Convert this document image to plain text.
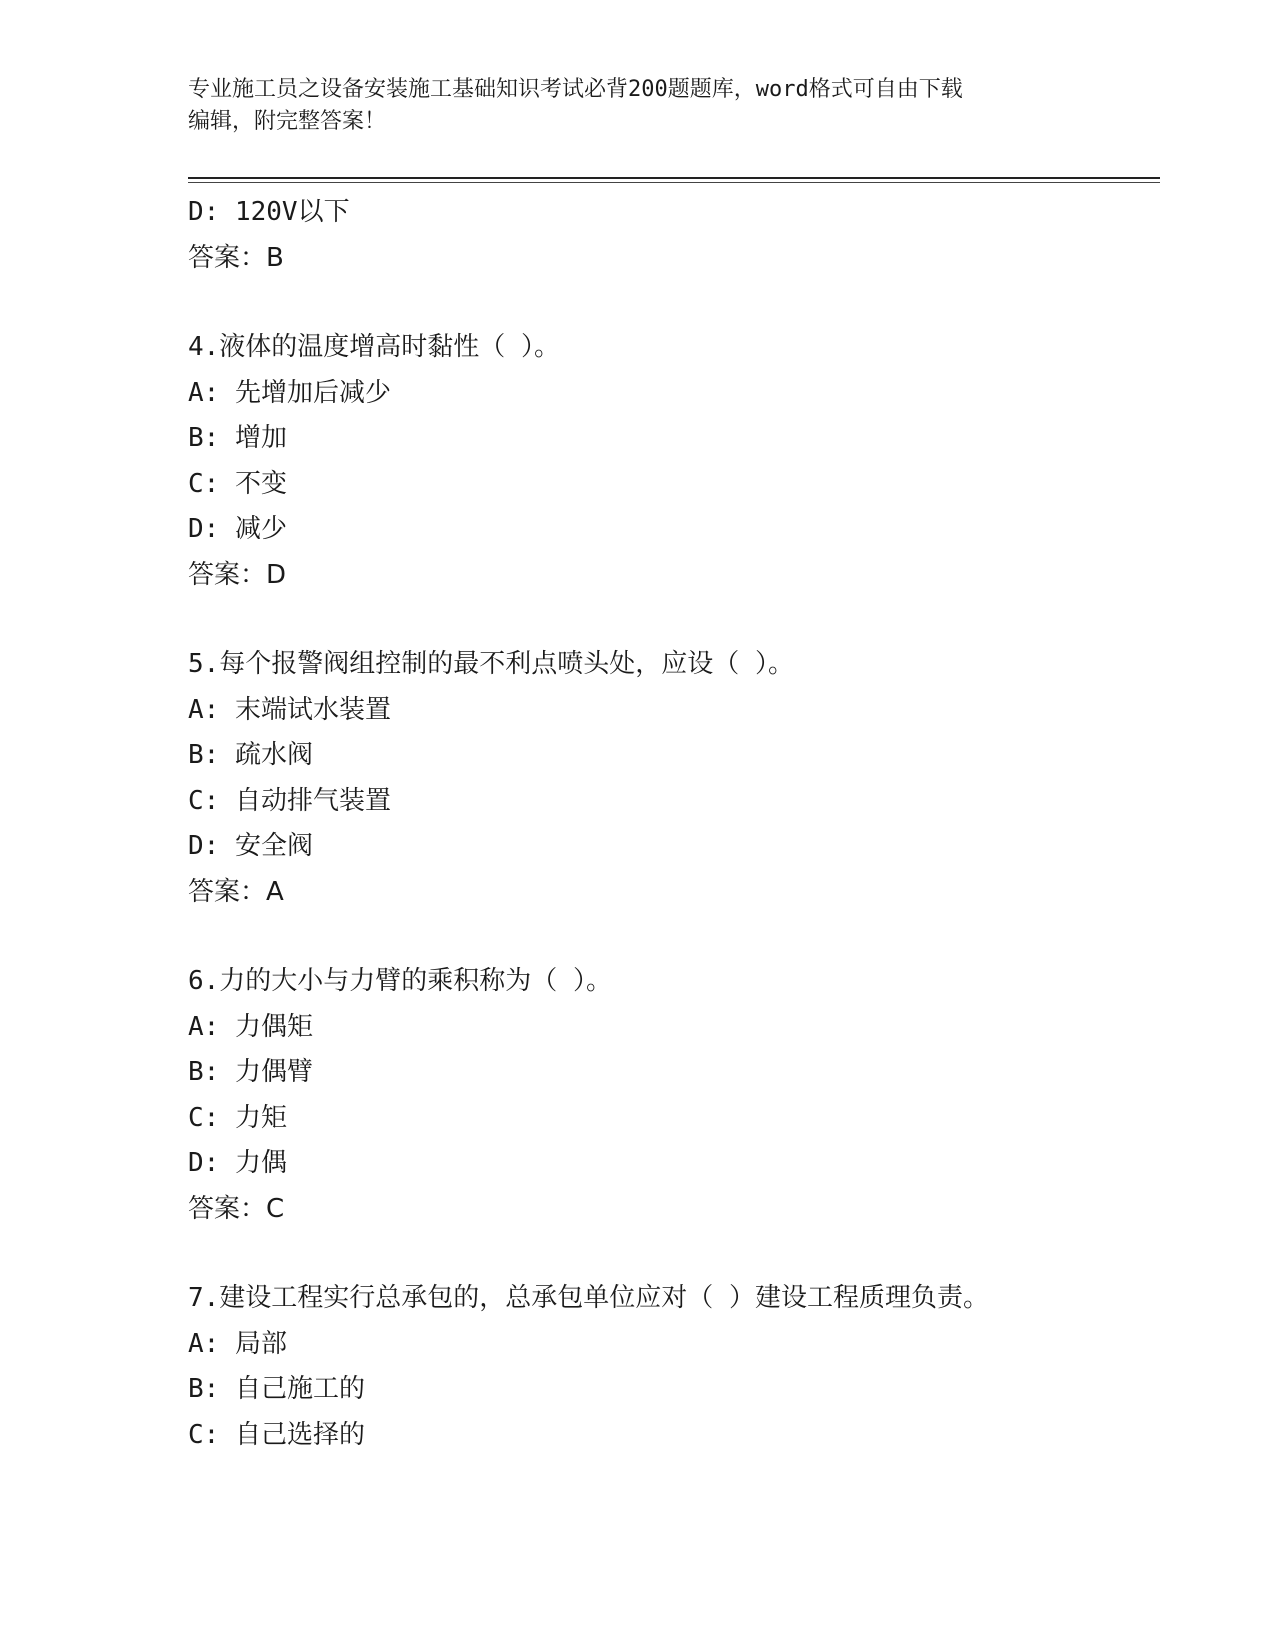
专业施工员之设备安装施工基础知识考试必背200题题库，word格式可自由下载
编辑，附完整答案！
D: 120V以下
答案：B
4.液体的温度增高时黏性（ ）。
A: 先增加后减少
B: 增加
C: 不变
D: 减少
答案：D
5.每个报警阀组控制的最不利点喷头处，应设（ ）。
A: 末端试水装置
B: 疏水阀
C: 自动排气装置
D: 安全阀
答案：A
6.力的大小与力臂的乘积称为（ ）。
A: 力偶矩
B: 力偶臂
C: 力矩
D: 力偶
答案：C
7.建设工程实行总承包的，总承包单位应对（ ）建设工程质理负责。
A: 局部
B: 自己施工的
C: 自己选择的
